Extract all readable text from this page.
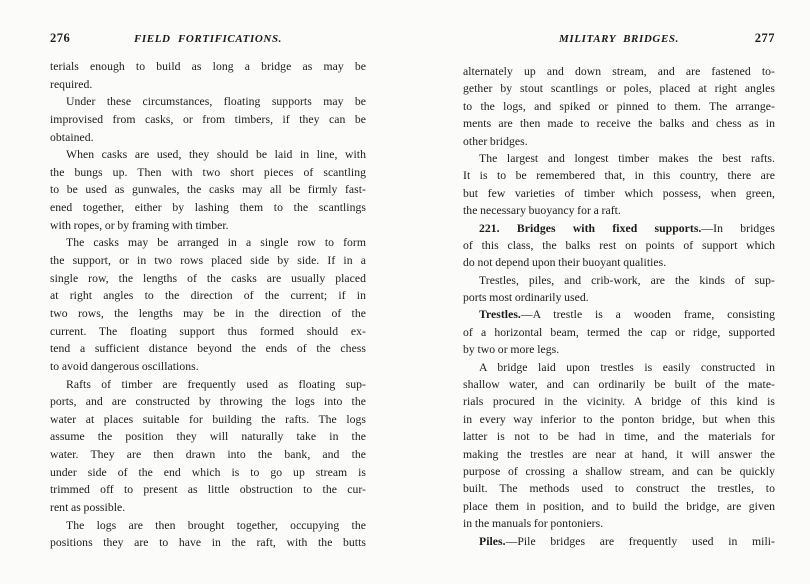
276	FIELD FORTIFICATIONS.
terials enough to build as long a bridge as may be
required.
Under these circumstances, floating supports may be
improvised from casks, or from timbers, if they can be
obtained.
When casks are used, they should be laid in line, with
the bungs up. Then with two short pieces of scantling
to be used as gunwales, the casks may all be firmly fast-
ened together, either by lashing them to the scantlings
with ropes, or by framing with timber.
The casks may be arranged in a single row to form
the support, or in two rows placed side by side. If in a
single row, the lengths of the casks are usually placed
at right angles to the direction of the current; if in
two rows, the lengths may be in the direction of the
current. The floating support thus formed should ex-
tend a sufficient distance beyond the ends of the chess
to avoid dangerous oscillations.
Rafts of timber are frequently used as floating sup-
ports, and are constructed by throwing the logs into the
water at places suitable for building the rafts. The logs
assume the position they will naturally take in the
water. They are then drawn into the bank, and the
under side of the end which is to go up stream is
trimmed off to present as little obstruction to the cur-
rent as possible.
The logs are then brought together, occupying the
positions they are to have in the raft, with the butts
MILITARY BRIDGES.	277
alternately up and down stream, and are fastened to-
gether by stout scantlings or poles, placed at right angles
to the logs, and spiked or pinned to them. The arrange-
ments are then made to receive the balks and chess as in
other bridges.
The largest and longest timber makes the best rafts.
It is to be remembered that, in this country, there are
but few varieties of timber which possess, when green,
the necessary buoyancy for a raft.
221. Bridges with fixed supports.—In bridges
of this class, the balks rest on points of support which
do not depend upon their buoyant qualities.
Trestles, piles, and crib-work, are the kinds of sup-
ports most ordinarily used.
Trestles.—A trestle is a wooden frame, consisting
of a horizontal beam, termed the cap or ridge, supported
by two or more legs.
A bridge laid upon trestles is easily constructed in
shallow water, and can ordinarily be built of the mate-
rials procured in the vicinity. A bridge of this kind is
in every way inferior to the ponton bridge, but when this
latter is not to be had in time, and the materials for
making the trestles are near at hand, it will answer the
purpose of crossing a shallow stream, and can be quickly
built. The methods used to construct the trestles, to
place them in position, and to build the bridge, are given
in the manuals for pontoniers.
Piles.—Pile bridges are frequently used in mili-
